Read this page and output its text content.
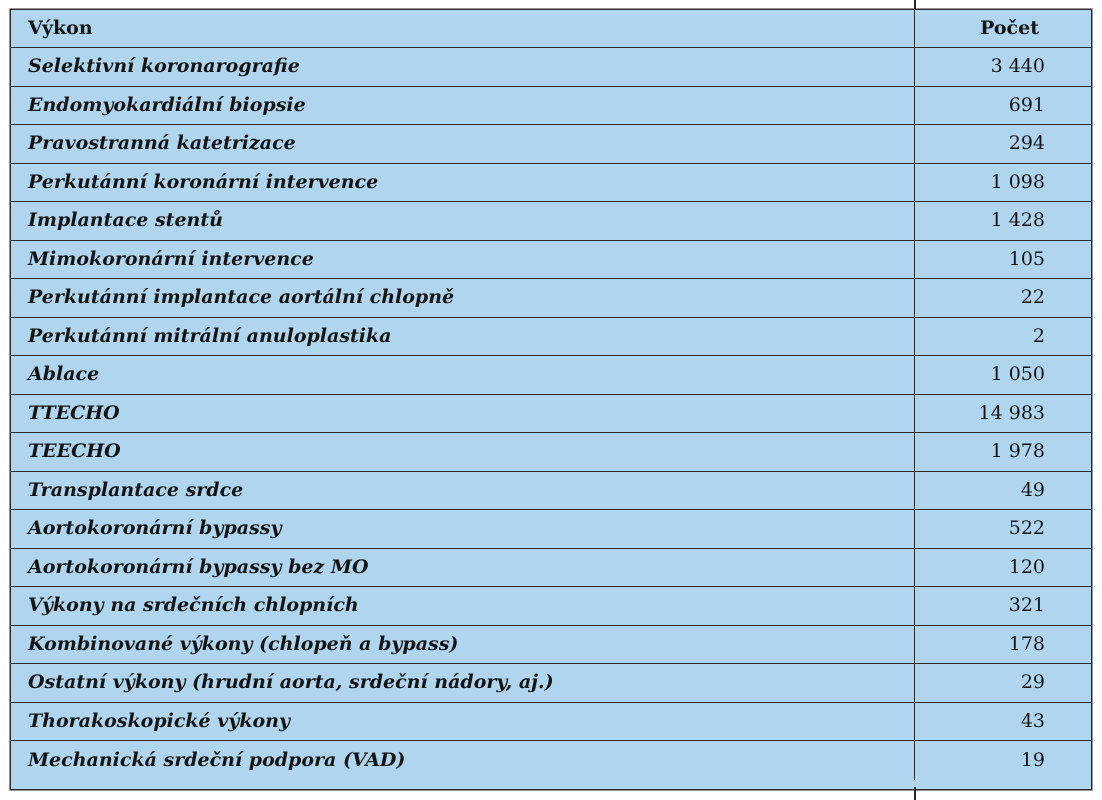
Výkon	Počet
Selektivní koronarografie	3 440
Endomyokardiální biopsie	691
Pravostranná katetrizace	294
Perkutánní koronární intervence	1 098
Implantace stentů	1 428
Mimokoronární intervence	105
Perkutánní implantace aortální chlopně	22
Perkutánní mitrální anuloplastika	2
Ablace	1 050
TTECHO	14 983
TEECHO	1 978
Transplantace srdce	49
Aortokoronární bypassy	522
Aortokoronární bypassy bez MO	120
Výkony na srdečních chlopních	321
Kombinované výkony (chlopeň a bypass)	178
Ostatní výkony (hrudní aorta, srdeční nádory, aj.)	29
Thorakoskopické výkony	43
Mechanická srdeční podpora (VAD)	19
